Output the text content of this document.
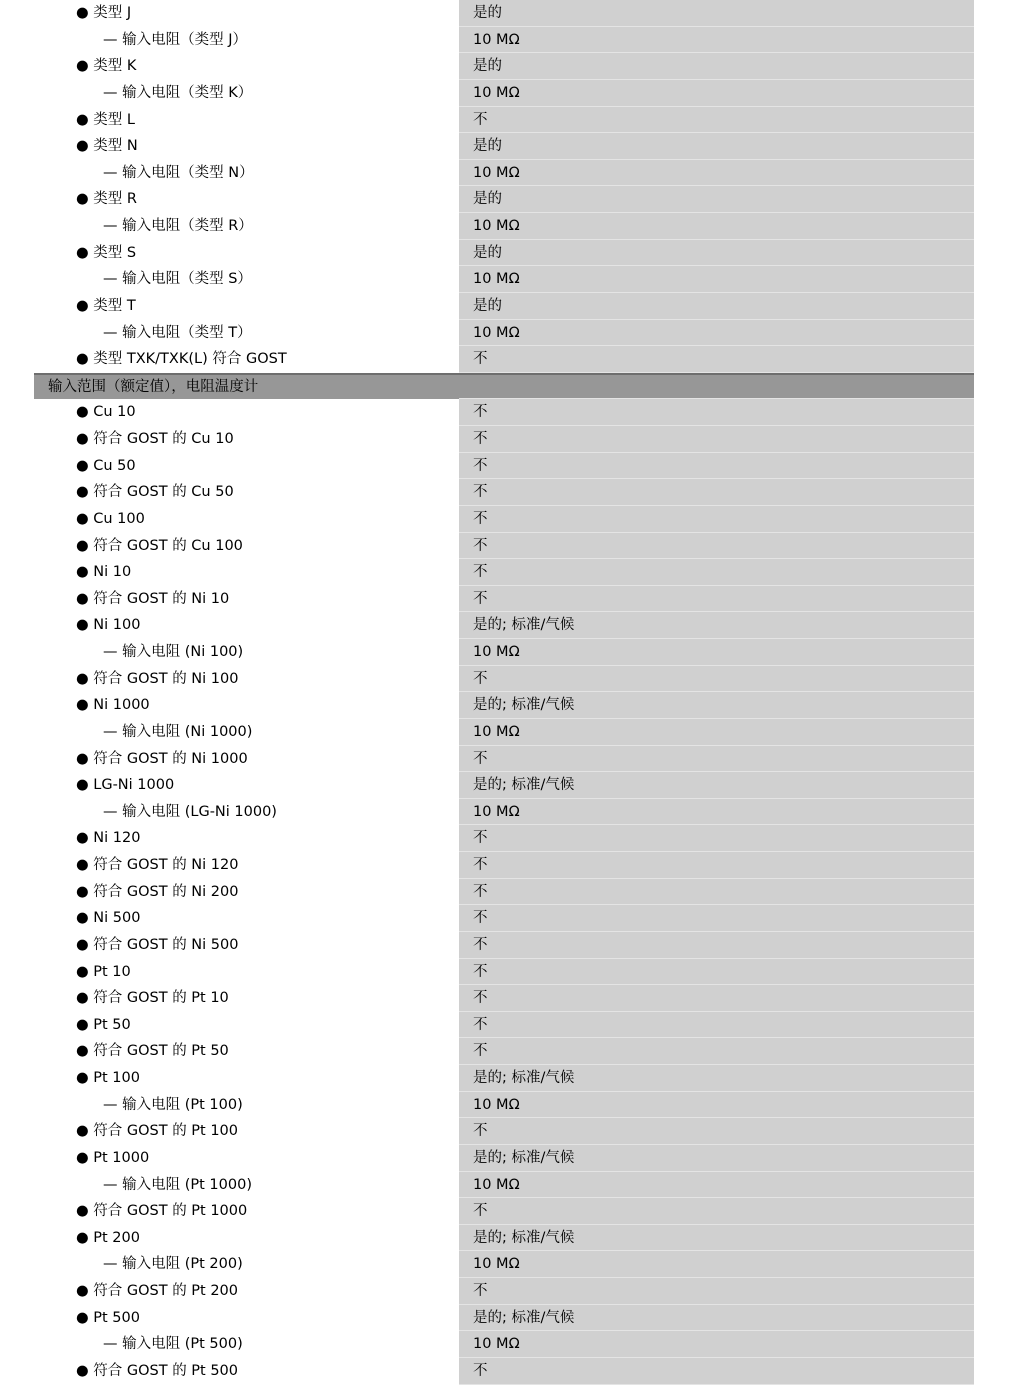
● 类型 J	是的
— 输入电阻（类型 J）	10 MΩ
● 类型 K	是的
— 输入电阻（类型 K）	10 MΩ
● 类型 L	不
● 类型 N	是的
— 输入电阻（类型 N）	10 MΩ
● 类型 R	是的
— 输入电阻（类型 R）	10 MΩ
● 类型 S	是的
— 输入电阻（类型 S）	10 MΩ
● 类型 T	是的
— 输入电阻（类型 T）	10 MΩ
● 类型 TXK/TXK(L) 符合 GOST	不
输入范围（额定值），电阻温度计
● Cu 10	不
● 符合 GOST 的 Cu 10	不
● Cu 50	不
● 符合 GOST 的 Cu 50	不
● Cu 100	不
● 符合 GOST 的 Cu 100	不
● Ni 10	不
● 符合 GOST 的 Ni 10	不
● Ni 100	是的; 标准/气候
— 输入电阻 (Ni 100)	10 MΩ
● 符合 GOST 的 Ni 100	不
● Ni 1000	是的; 标准/气候
— 输入电阻 (Ni 1000)	10 MΩ
● 符合 GOST 的 Ni 1000	不
● LG-Ni 1000	是的; 标准/气候
— 输入电阻 (LG-Ni 1000)	10 MΩ
● Ni 120	不
● 符合 GOST 的 Ni 120	不
● 符合 GOST 的 Ni 200	不
● Ni 500	不
● 符合 GOST 的 Ni 500	不
● Pt 10	不
● 符合 GOST 的 Pt 10	不
● Pt 50	不
● 符合 GOST 的 Pt 50	不
● Pt 100	是的; 标准/气候
— 输入电阻 (Pt 100)	10 MΩ
● 符合 GOST 的 Pt 100	不
● Pt 1000	是的; 标准/气候
— 输入电阻 (Pt 1000)	10 MΩ
● 符合 GOST 的 Pt 1000	不
● Pt 200	是的; 标准/气候
— 输入电阻 (Pt 200)	10 MΩ
● 符合 GOST 的 Pt 200	不
● Pt 500	是的; 标准/气候
— 输入电阻 (Pt 500)	10 MΩ
● 符合 GOST 的 Pt 500	不
